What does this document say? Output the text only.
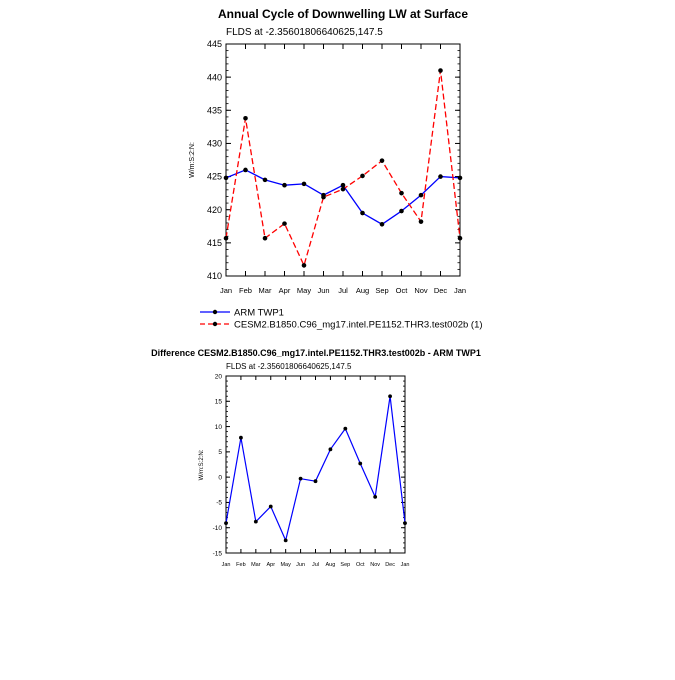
Annual Cycle of Downwelling LW at Surface
FLDS at -2.35601806640625,147.5
W/m:S:2:N:
410
415
420
425
430
435
440
445
Jan Feb Mar Apr May Jun Jul Aug Sep Oct Nov Dec Jan
ARM TWP1
CESM2.B1850.C96_mg17.intel.PE1152.THR3.test002b (1)
Difference CESM2.B1850.C96_mg17.intel.PE1152.THR3.test002b - ARM TWP1
FLDS at -2.35601806640625,147.5
W/m:S:2:N:
-15
-10
-5
0
5
10
15
20
Jan Feb Mar Apr May Jun Jul Aug Sep Oct Nov Dec Jan
